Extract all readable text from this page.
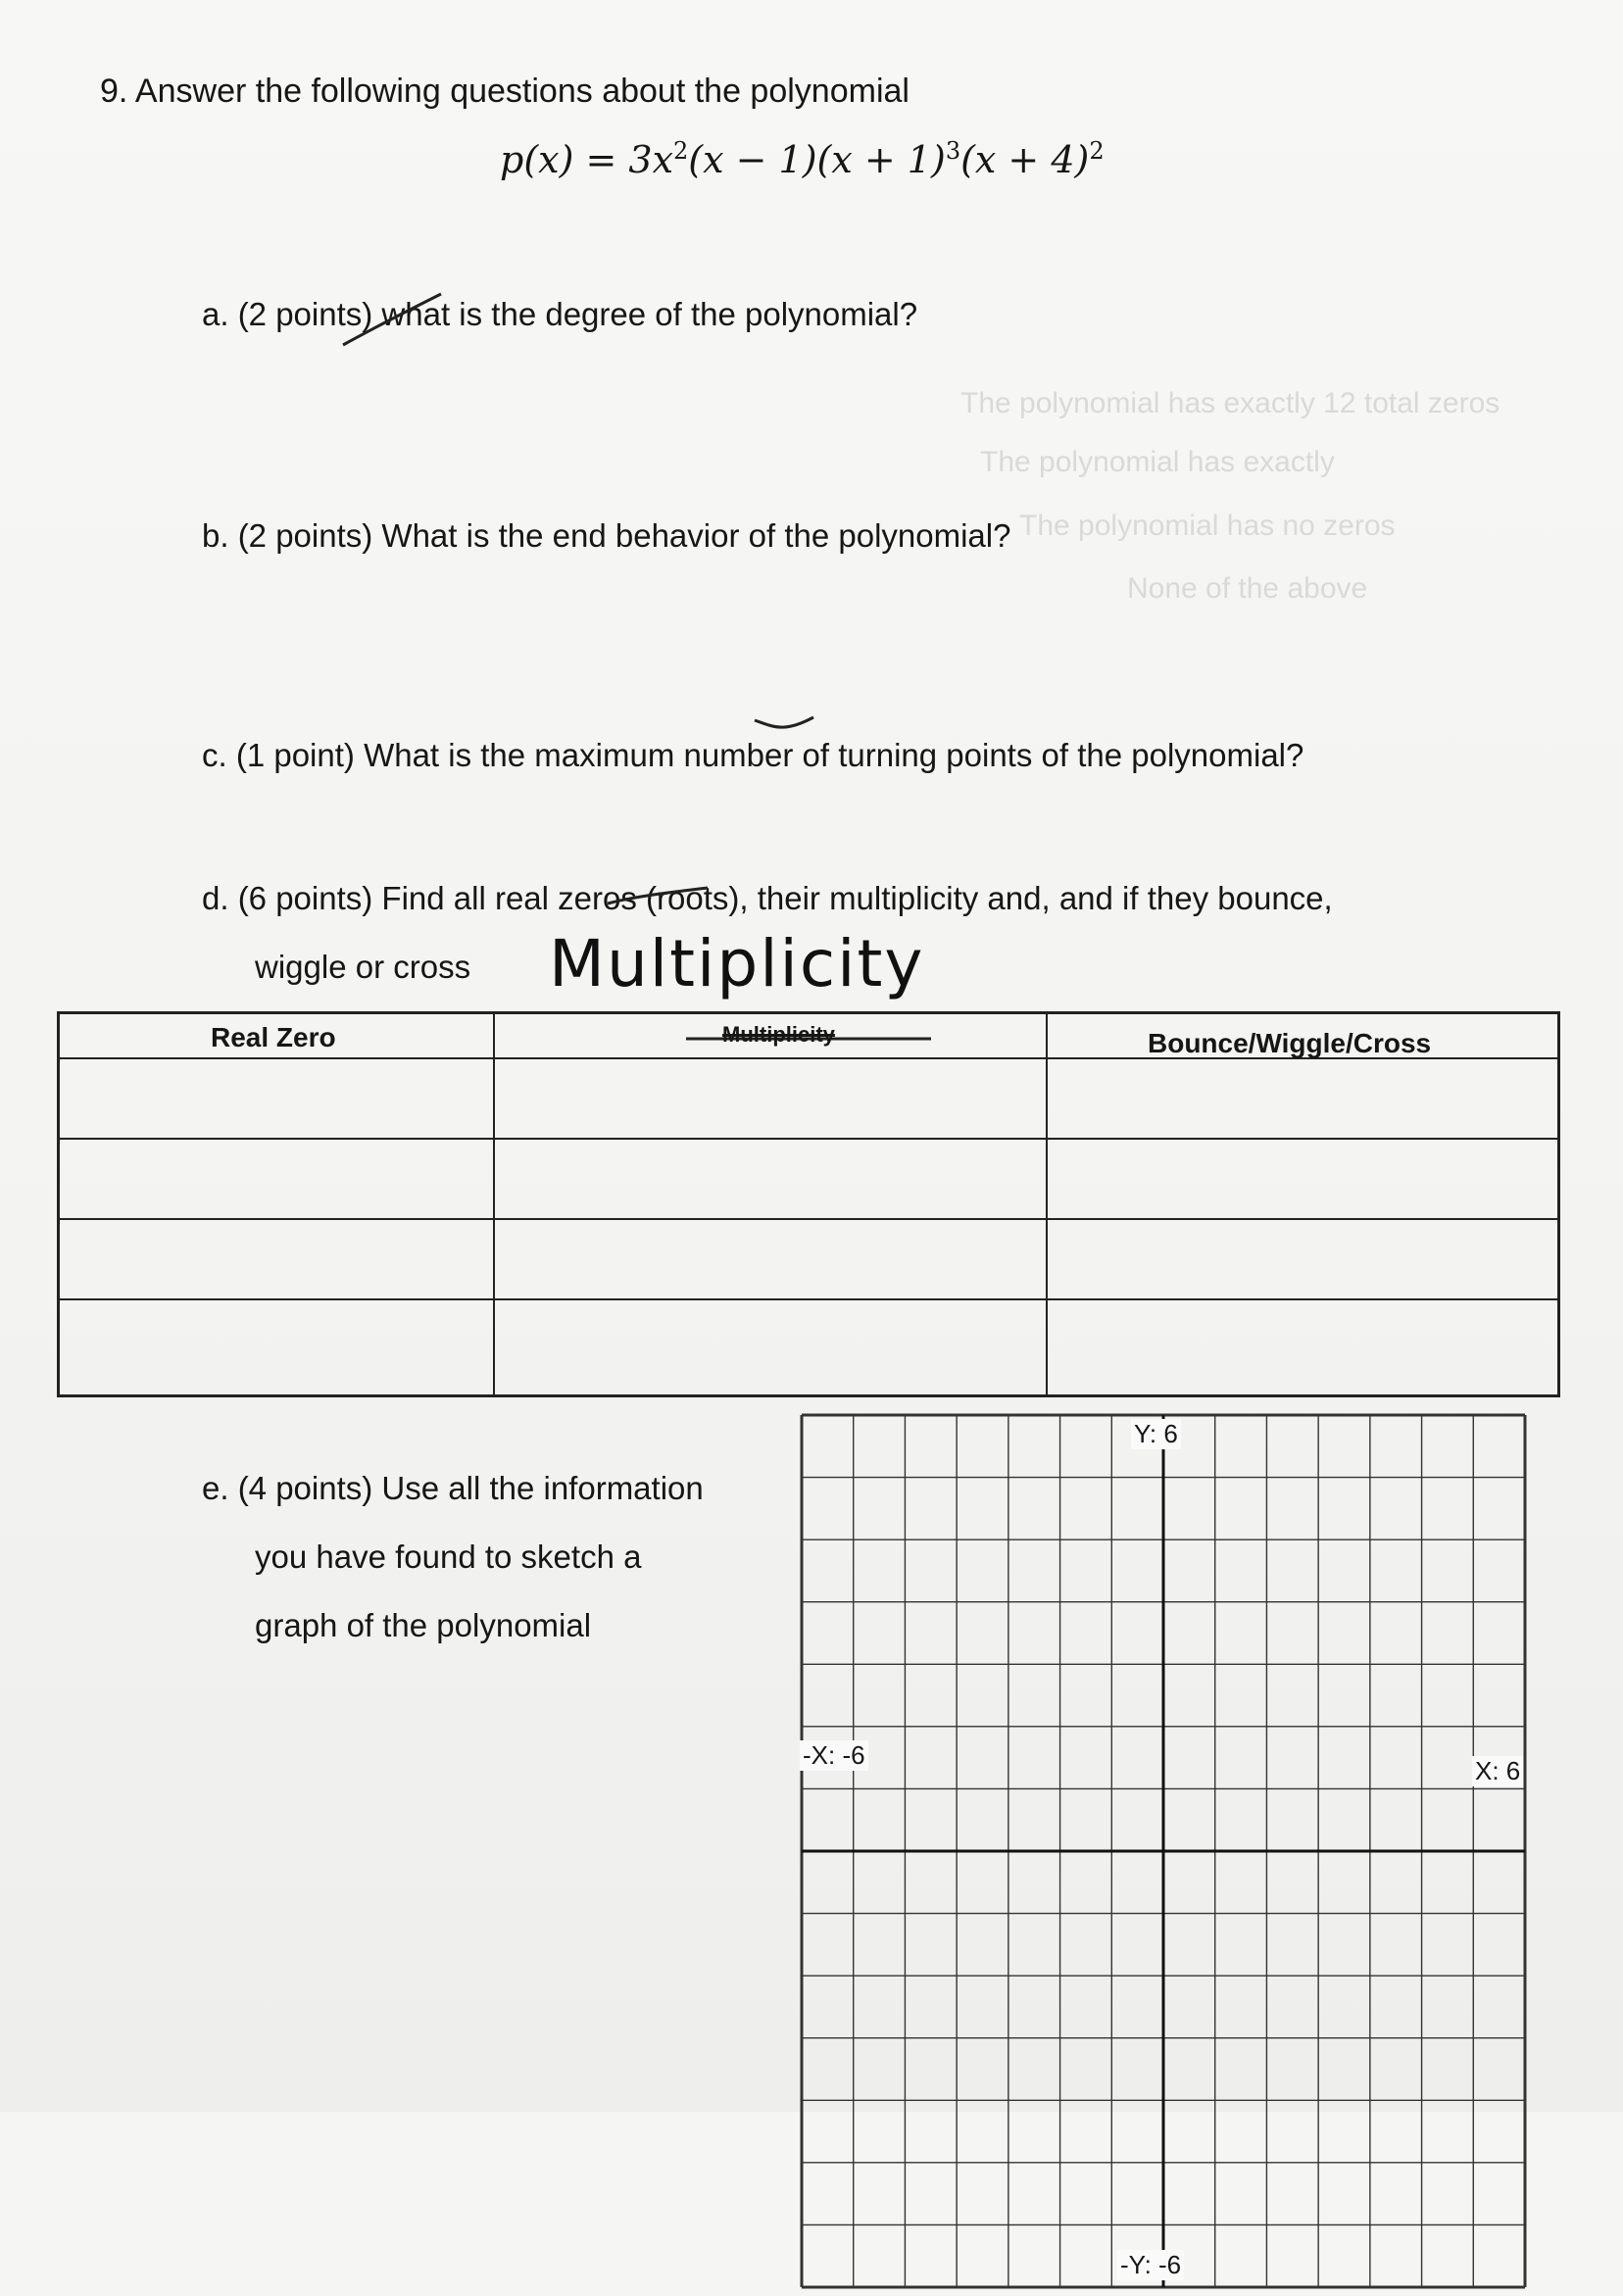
The polynomial has exactly 12 total zeros
The polynomial has exactly
The polynomial has no zeros
None of the above
9. Answer the following questions about the polynomial
$p(x) = 3x^2(x - 1)(x + 1)^3(x + 4)^2$
a. (2 points) what is the degree of the polynomial?
b. (2 points) What is the end behavior of the polynomial?
c. (1 point) What is the maximum number of turning points of the polynomial?
d. (6 points) Find all real zeros (roots), their multiplicity and, and if they bounce,
wiggle or cross Multiplicity
Real Zero	Multiplicity	Bounce/Wiggle/Cross
e. (4 points) Use all the information
you have found to sketch a
graph of the polynomial
Y: 6
-Y: -6
-X: -6
X: 6
